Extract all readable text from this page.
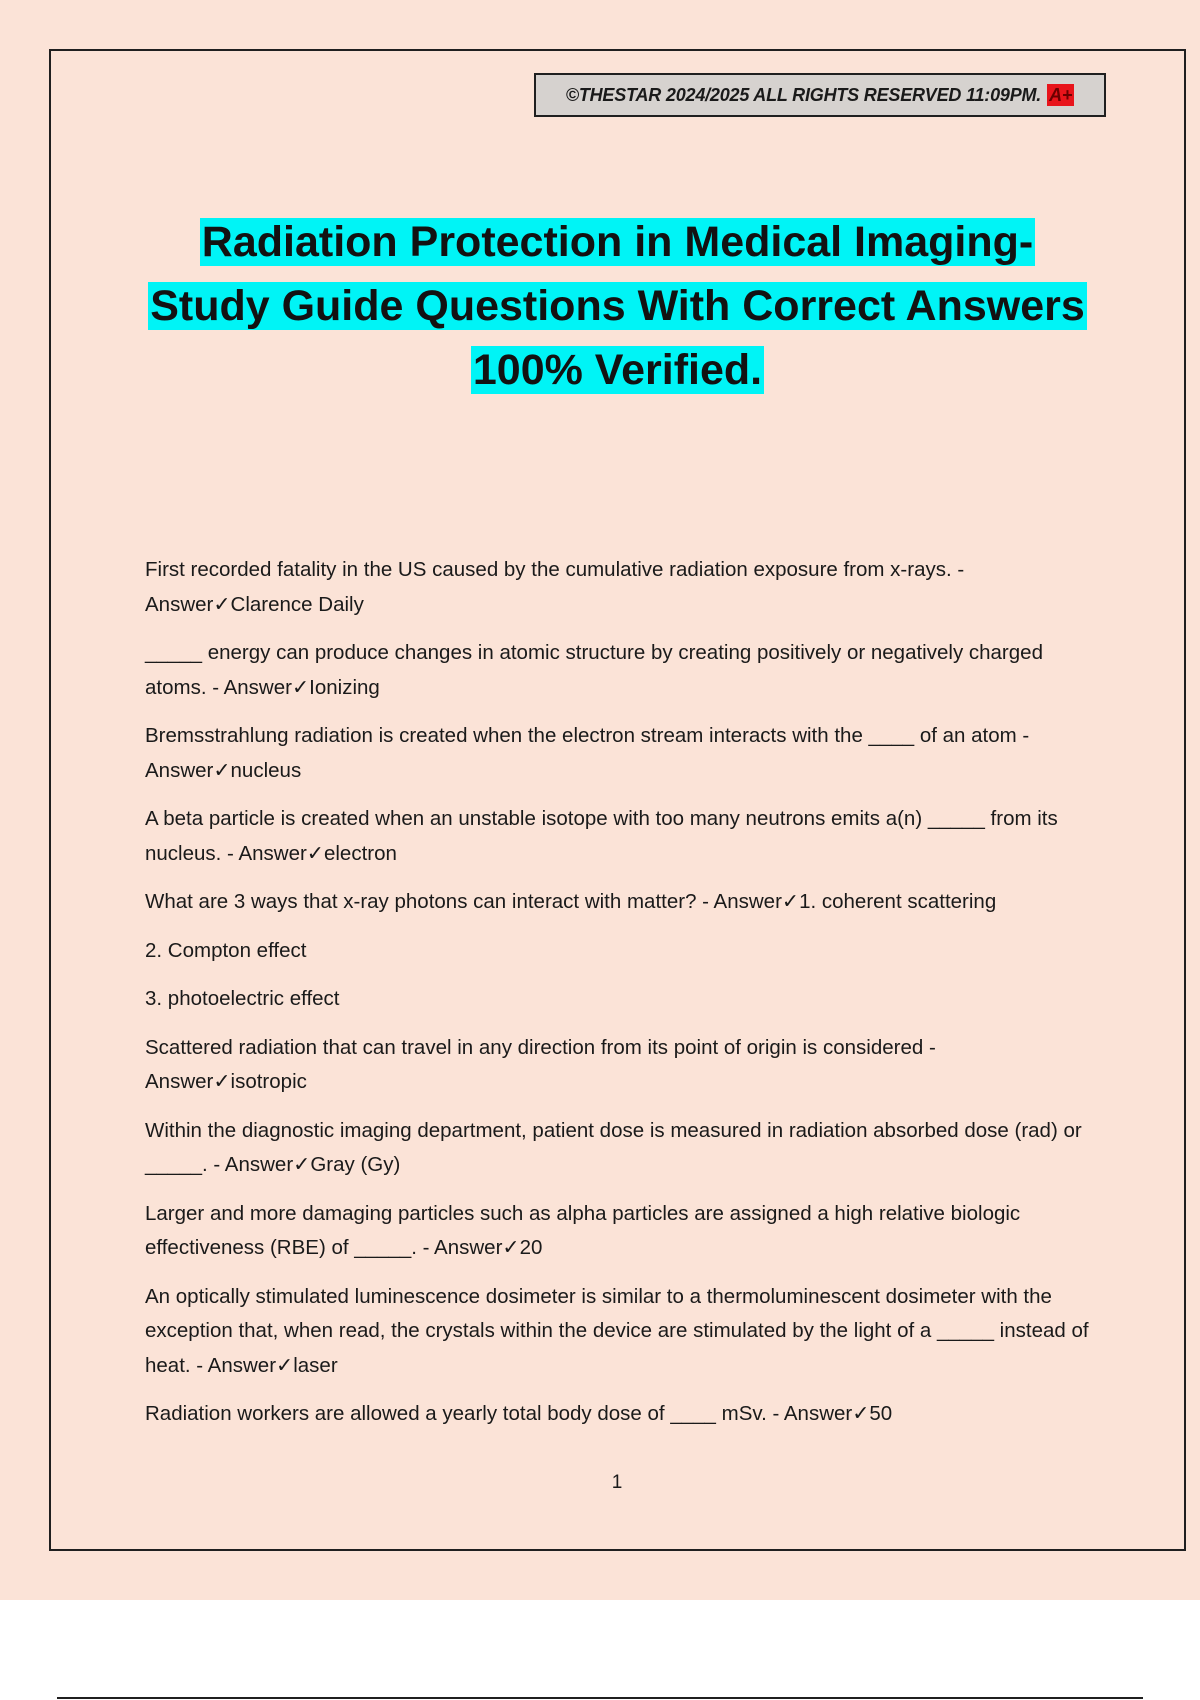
©THESTAR 2024/2025 ALL RIGHTS RESERVED 11:09PM. A+
Radiation Protection in Medical Imaging-
Study Guide Questions With Correct Answers
100% Verified.

First recorded fatality in the US caused by the cumulative radiation exposure from x-rays. - Answer✓Clarence Daily

_____ energy can produce changes in atomic structure by creating positively or negatively charged atoms. - Answer✓Ionizing

Bremsstrahlung radiation is created when the electron stream interacts with the ____ of an atom - Answer✓nucleus

A beta particle is created when an unstable isotope with too many neutrons emits a(n) _____ from its nucleus. - Answer✓electron

What are 3 ways that x-ray photons can interact with matter? - Answer✓1. coherent scattering

2. Compton effect

3. photoelectric effect

Scattered radiation that can travel in any direction from its point of origin is considered - Answer✓isotropic

Within the diagnostic imaging department, patient dose is measured in radiation absorbed dose (rad) or _____. - Answer✓Gray (Gy)

Larger and more damaging particles such as alpha particles are assigned a high relative biologic effectiveness (RBE) of _____. - Answer✓20

An optically stimulated luminescence dosimeter is similar to a thermoluminescent dosimeter with the exception that, when read, the crystals within the device are stimulated by the light of a _____ instead of heat. - Answer✓laser

Radiation workers are allowed a yearly total body dose of ____ mSv. - Answer✓50

1
